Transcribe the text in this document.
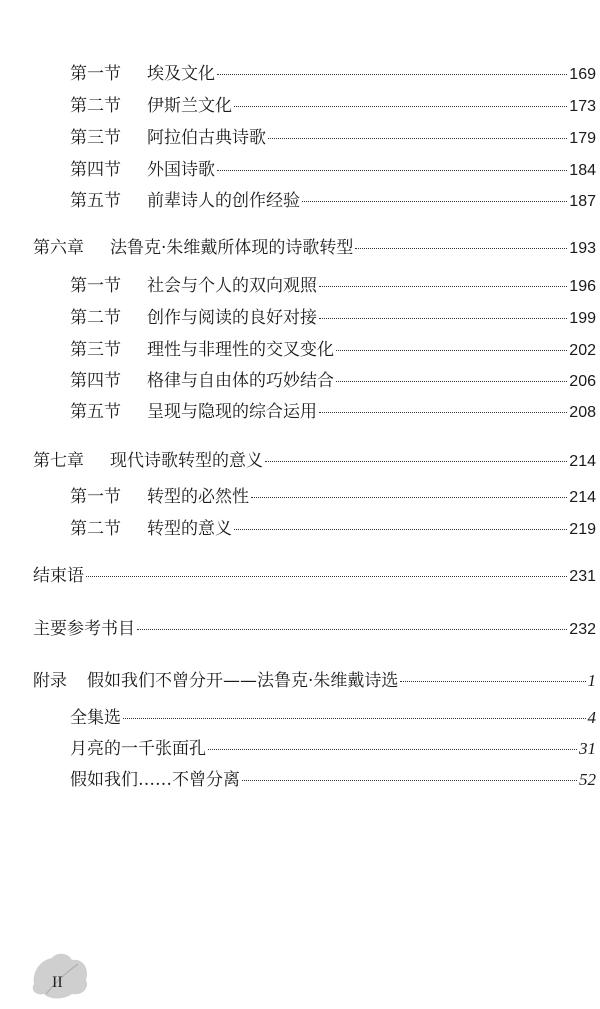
第一节	埃及文化	169
第二节	伊斯兰文化	173
第三节	阿拉伯古典诗歌	179
第四节	外国诗歌	184
第五节	前辈诗人的创作经验	187
第六章	法鲁克·朱维戴所体现的诗歌转型	193
第一节	社会与个人的双向观照	196
第二节	创作与阅读的良好对接	199
第三节	理性与非理性的交叉变化	202
第四节	格律与自由体的巧妙结合	206
第五节	呈现与隐现的综合运用	208
第七章	现代诗歌转型的意义	214
第一节	转型的必然性	214
第二节	转型的意义	219
结束语	231
主要参考书目	232
附录	假如我们不曾分开——法鲁克·朱维戴诗选	1
全集选	4
月亮的一千张面孔	31
假如我们……不曾分离	52
II
